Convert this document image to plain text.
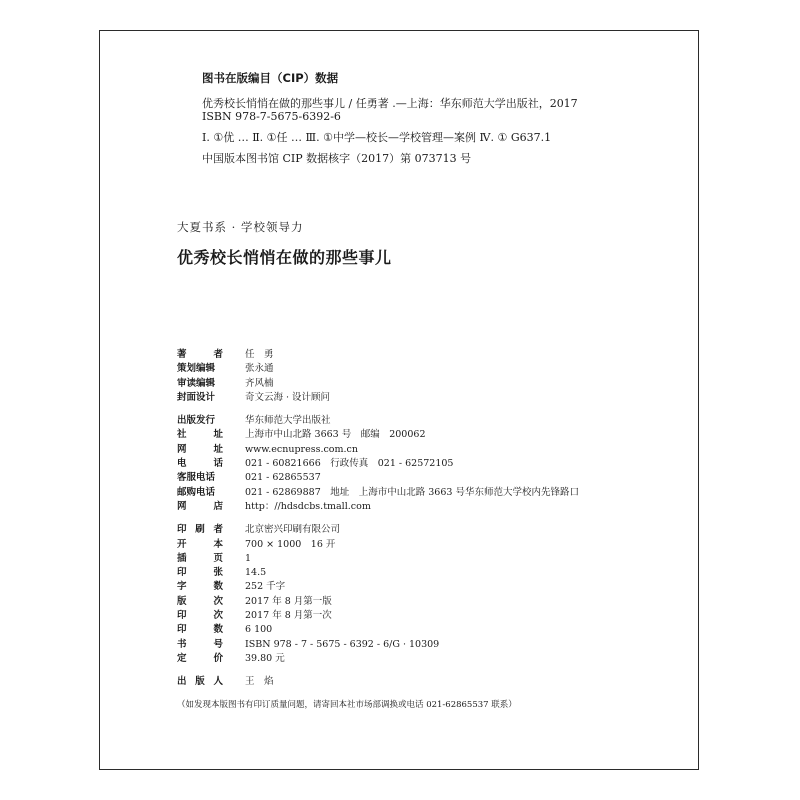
图书在版编目（CIP）数据
优秀校长悄悄在做的那些事儿 / 任勇著 .—上海：华东师范大学出版社，2017
ISBN 978-7-5675-6392-6
Ⅰ. ①优 … Ⅱ. ①任 … Ⅲ. ①中学—校长—学校管理—案例 Ⅳ. ① G637.1
中国版本图书馆 CIP 数据核字（2017）第 073713 号
大夏书系 · 学校领导力
优秀校长悄悄在做的那些事儿
著　者 任　勇
策划编辑	张永通
审读编辑	齐风楠
封面设计	奇文云海 · 设计顾问
出版发行	华东师范大学出版社
社　址 上海市中山北路 3663 号　邮编　200062
网　址 www.ecnupress.com.cn
电　话 021 - 60821666　行政传真　021 - 62572105
客服电话	021 - 62865537
邮购电话	021 - 62869887　地址　上海市中山北路 3663 号华东师范大学校内先锋路口
网　店 http：//hdsdcbs.tmall.com
印 刷 者 北京密兴印刷有限公司
开　本 700 × 1000　16 开
插　页 1
印　张 14.5
字　数 252 千字
版　次 2017 年 8 月第一版
印　次 2017 年 8 月第一次
印　数 6 100
书　号 ISBN 978 - 7 - 5675 - 6392 - 6/G · 10309
定　价 39.80 元
出 版 人 王　焰
（如发现本版图书有印订质量问题，请寄回本社市场部调换或电话 021-62865537 联系）
